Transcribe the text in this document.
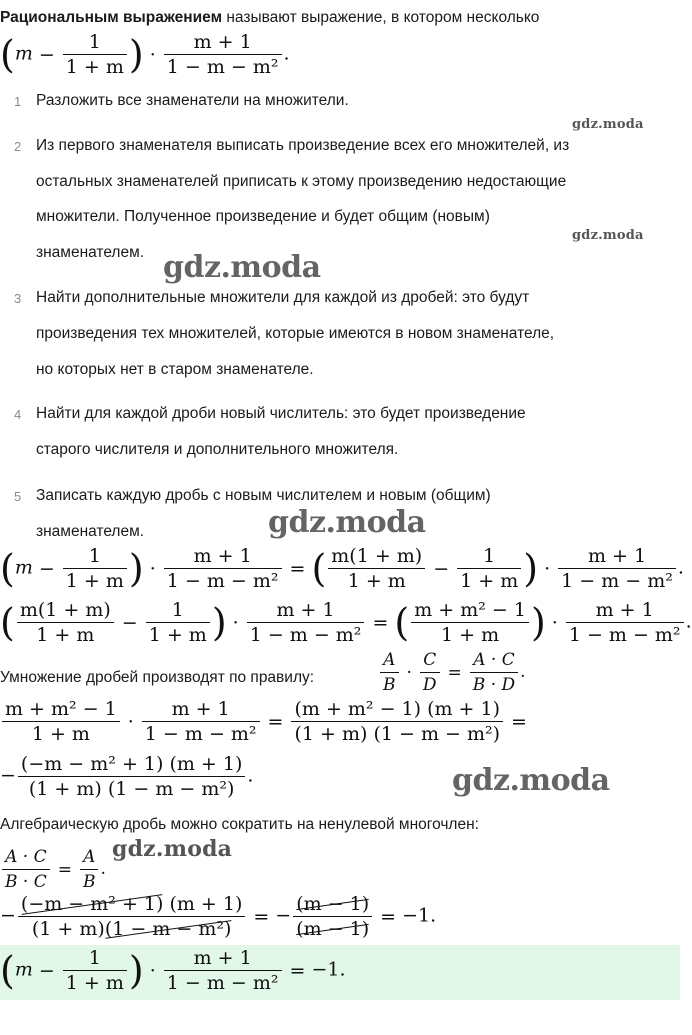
Рациональным выражением называют выражение, в котором несколько
($m - \frac{1}{1 + m}$ ) · $\frac{m + 1}{\text{1 − m − m²}}$ .
1 Разложить все знаменатели на множители.
2 Из первого знаменателя выписать произведение всех его множителей, из
остальных знаменателей приписать к этому произведению недостающие
множители. Полученное произведение и будет общим (новым)
знаменателем.
3 Найти дополнительные множители для каждой из дробей: это будут
произведения тех множителей, которые имеются в новом знаменателе,
но которых нет в старом знаменателе.
4 Найти для каждой дроби новый числитель: это будет произведение
старого числителя и дополнительного множителя.
5 Записать каждую дробь с новым числителем и новым (общим)
знаменателем.
($m - \frac{1}{1 + m}$ ) · $\frac{m + 1}{\text{1 − m − m²}}$ = ( $\frac{m(1 + m)}{1 + m} - \frac{1}{1 + m}$ ) · $\frac{m + 1}{\text{1 − m − m²}}$ .
( $\frac{m(1 + m)}{1 + m} - \frac{1}{1 + m}$ ) · $\frac{m + 1}{\text{1 − m − m²}}$ = ( $\frac{\text{m + m² − 1}}{1 + m}$ ) · $\frac{m + 1}{\text{1 − m − m²}}$ .
Умножение дробей производят по правилу:	$\frac{A}{B} \cdot \frac{C}{D} = \frac{A \cdot C}{B \cdot D}$ .
$\frac{\text{m + m² − 1}}{1 + m} \cdot \frac{m + 1}{\text{1 − m − m²}} = \frac{\text{(m + m² − 1) (m + 1)}}{\text{(1 + m) (1 − m − m²)}}$ =
− $\frac{\text{(−m − m² + 1) (m + 1)}}{\text{(1 + m) (1 − m − m²)}}$ .
Алгебраическую дробь можно сократить на ненулевой многочлен:
$\frac{A \cdot C}{B \cdot C} = \frac{A}{B}$ .
− $\frac{\text{(−m − m² + 1) (m + 1)}}{\text{(1 + m)(1 − m − m²)}}$ = − $\frac{(m - 1)}{(m - 1)} = -1$.
($m - \frac{1}{1 + m}$ ) · $\frac{m + 1}{\text{1 − m − m²}} = -1$.
gdz.moda
gdz.moda
gdz.moda
gdz.moda
gdz.moda
gdz.moda
